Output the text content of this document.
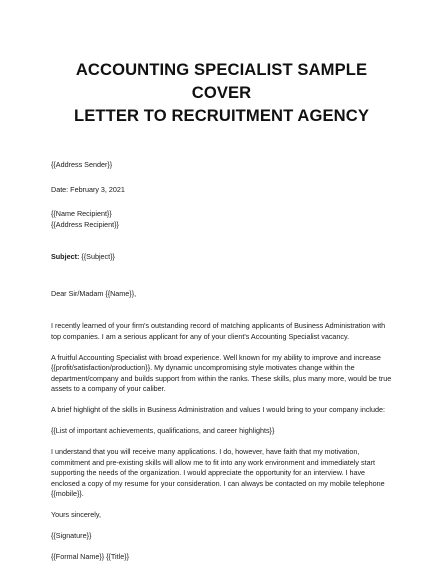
ACCOUNTING SPECIALIST SAMPLE COVER
LETTER TO RECRUITMENT AGENCY

{{Address Sender}}

Date: February 3, 2021

{{Name Recipient}}

{{Address Recipient}}

Subject: {{Subject}}

Dear Sir/Madam {{Name}},

I recently learned of your firm's outstanding record of matching applicants of Business Administration with top companies. I am a serious applicant for any of your client's Accounting Specialist vacancy.

A fruitful Accounting Specialist with broad experience. Well known for my ability to improve and increase {{profit/satisfaction/production}}. My dynamic uncompromising style motivates change within the department/company and builds support from within the ranks. These skills, plus many more, would be true assets to a company of your caliber.

A brief highlight of the skills in Business Administration and values I would bring to your company include:

{{List of important achievements, qualifications, and career highlights}}

I understand that you will receive many applications. I do, however, have faith that my motivation, commitment and pre-existing skills will allow me to fit into any work environment and immediately start supporting the needs of the organization. I would appreciate the opportunity for an interview. I have enclosed a copy of my resume for your consideration. I can always be contacted on my mobile telephone {{mobile}}.

Yours sincerely,

{{Signature}}

{{Formal Name}} {{Title}}
